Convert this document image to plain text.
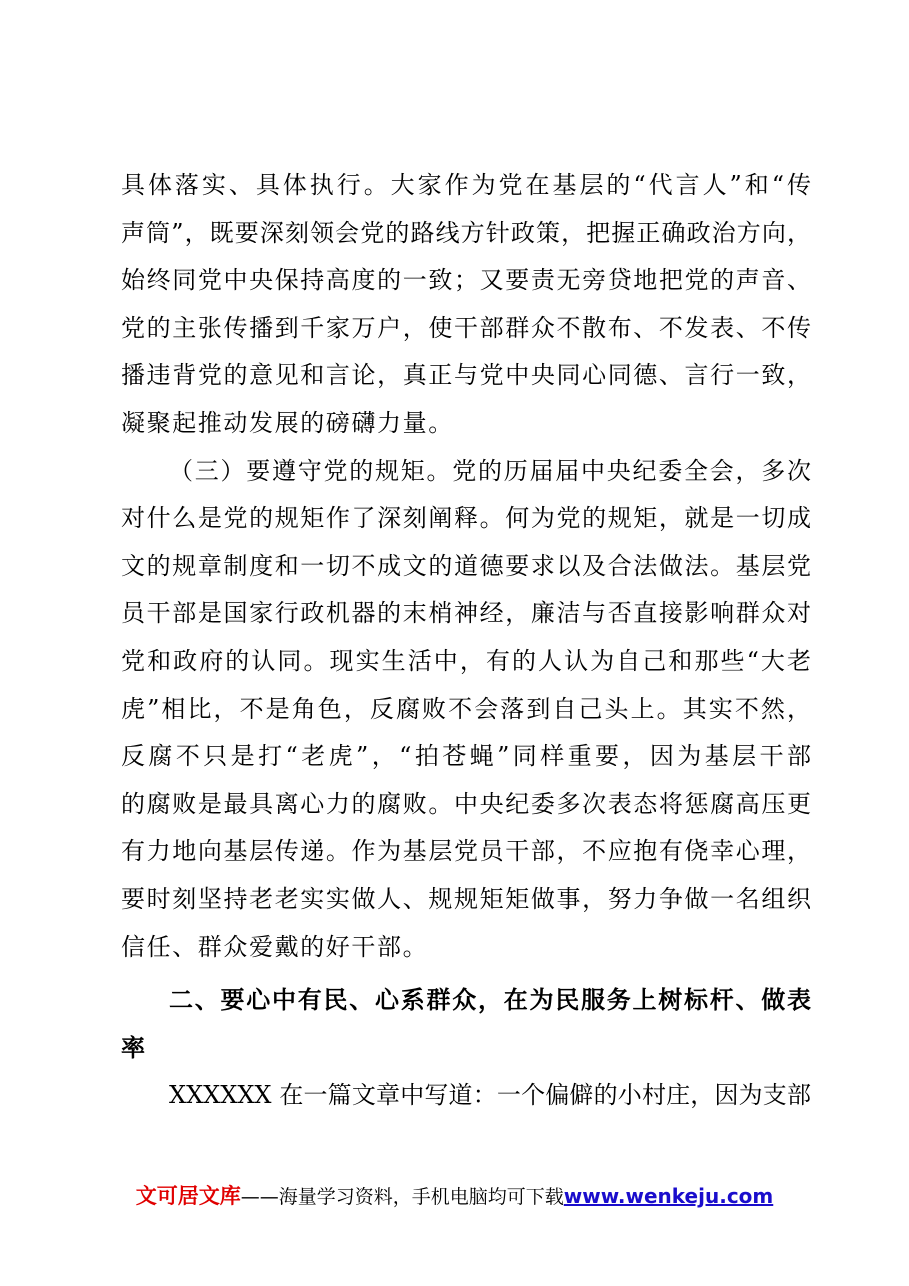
具体落实、具体执行。大家作为党在基层的“代言人”和“传
声筒”，既要深刻领会党的路线方针政策，把握正确政治方向，
始终同党中央保持高度的一致；又要责无旁贷地把党的声音、
党的主张传播到千家万户，使干部群众不散布、不发表、不传
播违背党的意见和言论，真正与党中央同心同德、言行一致，
凝聚起推动发展的磅礴力量。
（三）要遵守党的规矩。党的历届届中央纪委全会，多次
对什么是党的规矩作了深刻阐释。何为党的规矩，就是一切成
文的规章制度和一切不成文的道德要求以及合法做法。基层党
员干部是国家行政机器的末梢神经，廉洁与否直接影响群众对
党和政府的认同。现实生活中，有的人认为自己和那些“大老
虎”相比，不是角色，反腐败不会落到自己头上。其实不然，
反腐不只是打“老虎”，“拍苍蝇”同样重要，因为基层干部
的腐败是最具离心力的腐败。中央纪委多次表态将惩腐高压更
有力地向基层传递。作为基层党员干部，不应抱有侥幸心理，
要时刻坚持老老实实做人、规规矩矩做事，努力争做一名组织
信任、群众爱戴的好干部。
二、要心中有民、心系群众，在为民服务上树标杆、做表
率
XXXXXX 在一篇文章中写道：一个偏僻的小村庄，因为支部
文可居文库——海量学习资料，手机电脑均可下载www.wenkeju.com
